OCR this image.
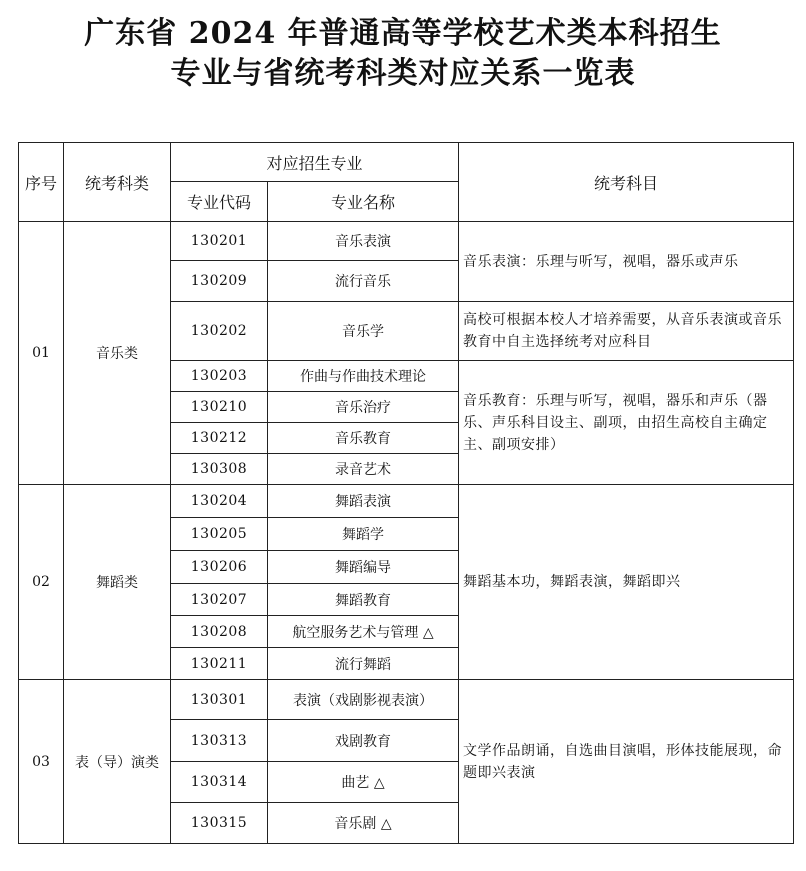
广东省 2024 年普通高等学校艺术类本科招生
专业与省统考科类对应关系一览表
序号	统考科类	对应招生专业		统考科目
		专业代码	专业名称	
01	音乐类	130201	音乐表演	音乐表演：乐理与听写，视唱，器乐或声乐
		130209	流行音乐	
		130202	音乐学	高校可根据本校人才培养需要，从音乐表演或音乐教育中自主选择统考对应科目
		130203	作曲与作曲技术理论	音乐教育：乐理与听写，视唱，器乐和声乐（器乐、声乐科目设主、副项，由招生高校自主确定主、副项安排）
		130210	音乐治疗	
		130212	音乐教育	
		130308	录音艺术	
02	舞蹈类	130204	舞蹈表演	舞蹈基本功，舞蹈表演，舞蹈即兴
		130205	舞蹈学	
		130206	舞蹈编导	
		130207	舞蹈教育	
		130208	航空服务艺术与管理 △	
		130211	流行舞蹈	
03	表（导）演类	130301	表演（戏剧影视表演）	文学作品朗诵，自选曲目演唱，形体技能展现，命题即兴表演
		130313	戏剧教育	
		130314	曲艺 △	
		130315	音乐剧 △	
